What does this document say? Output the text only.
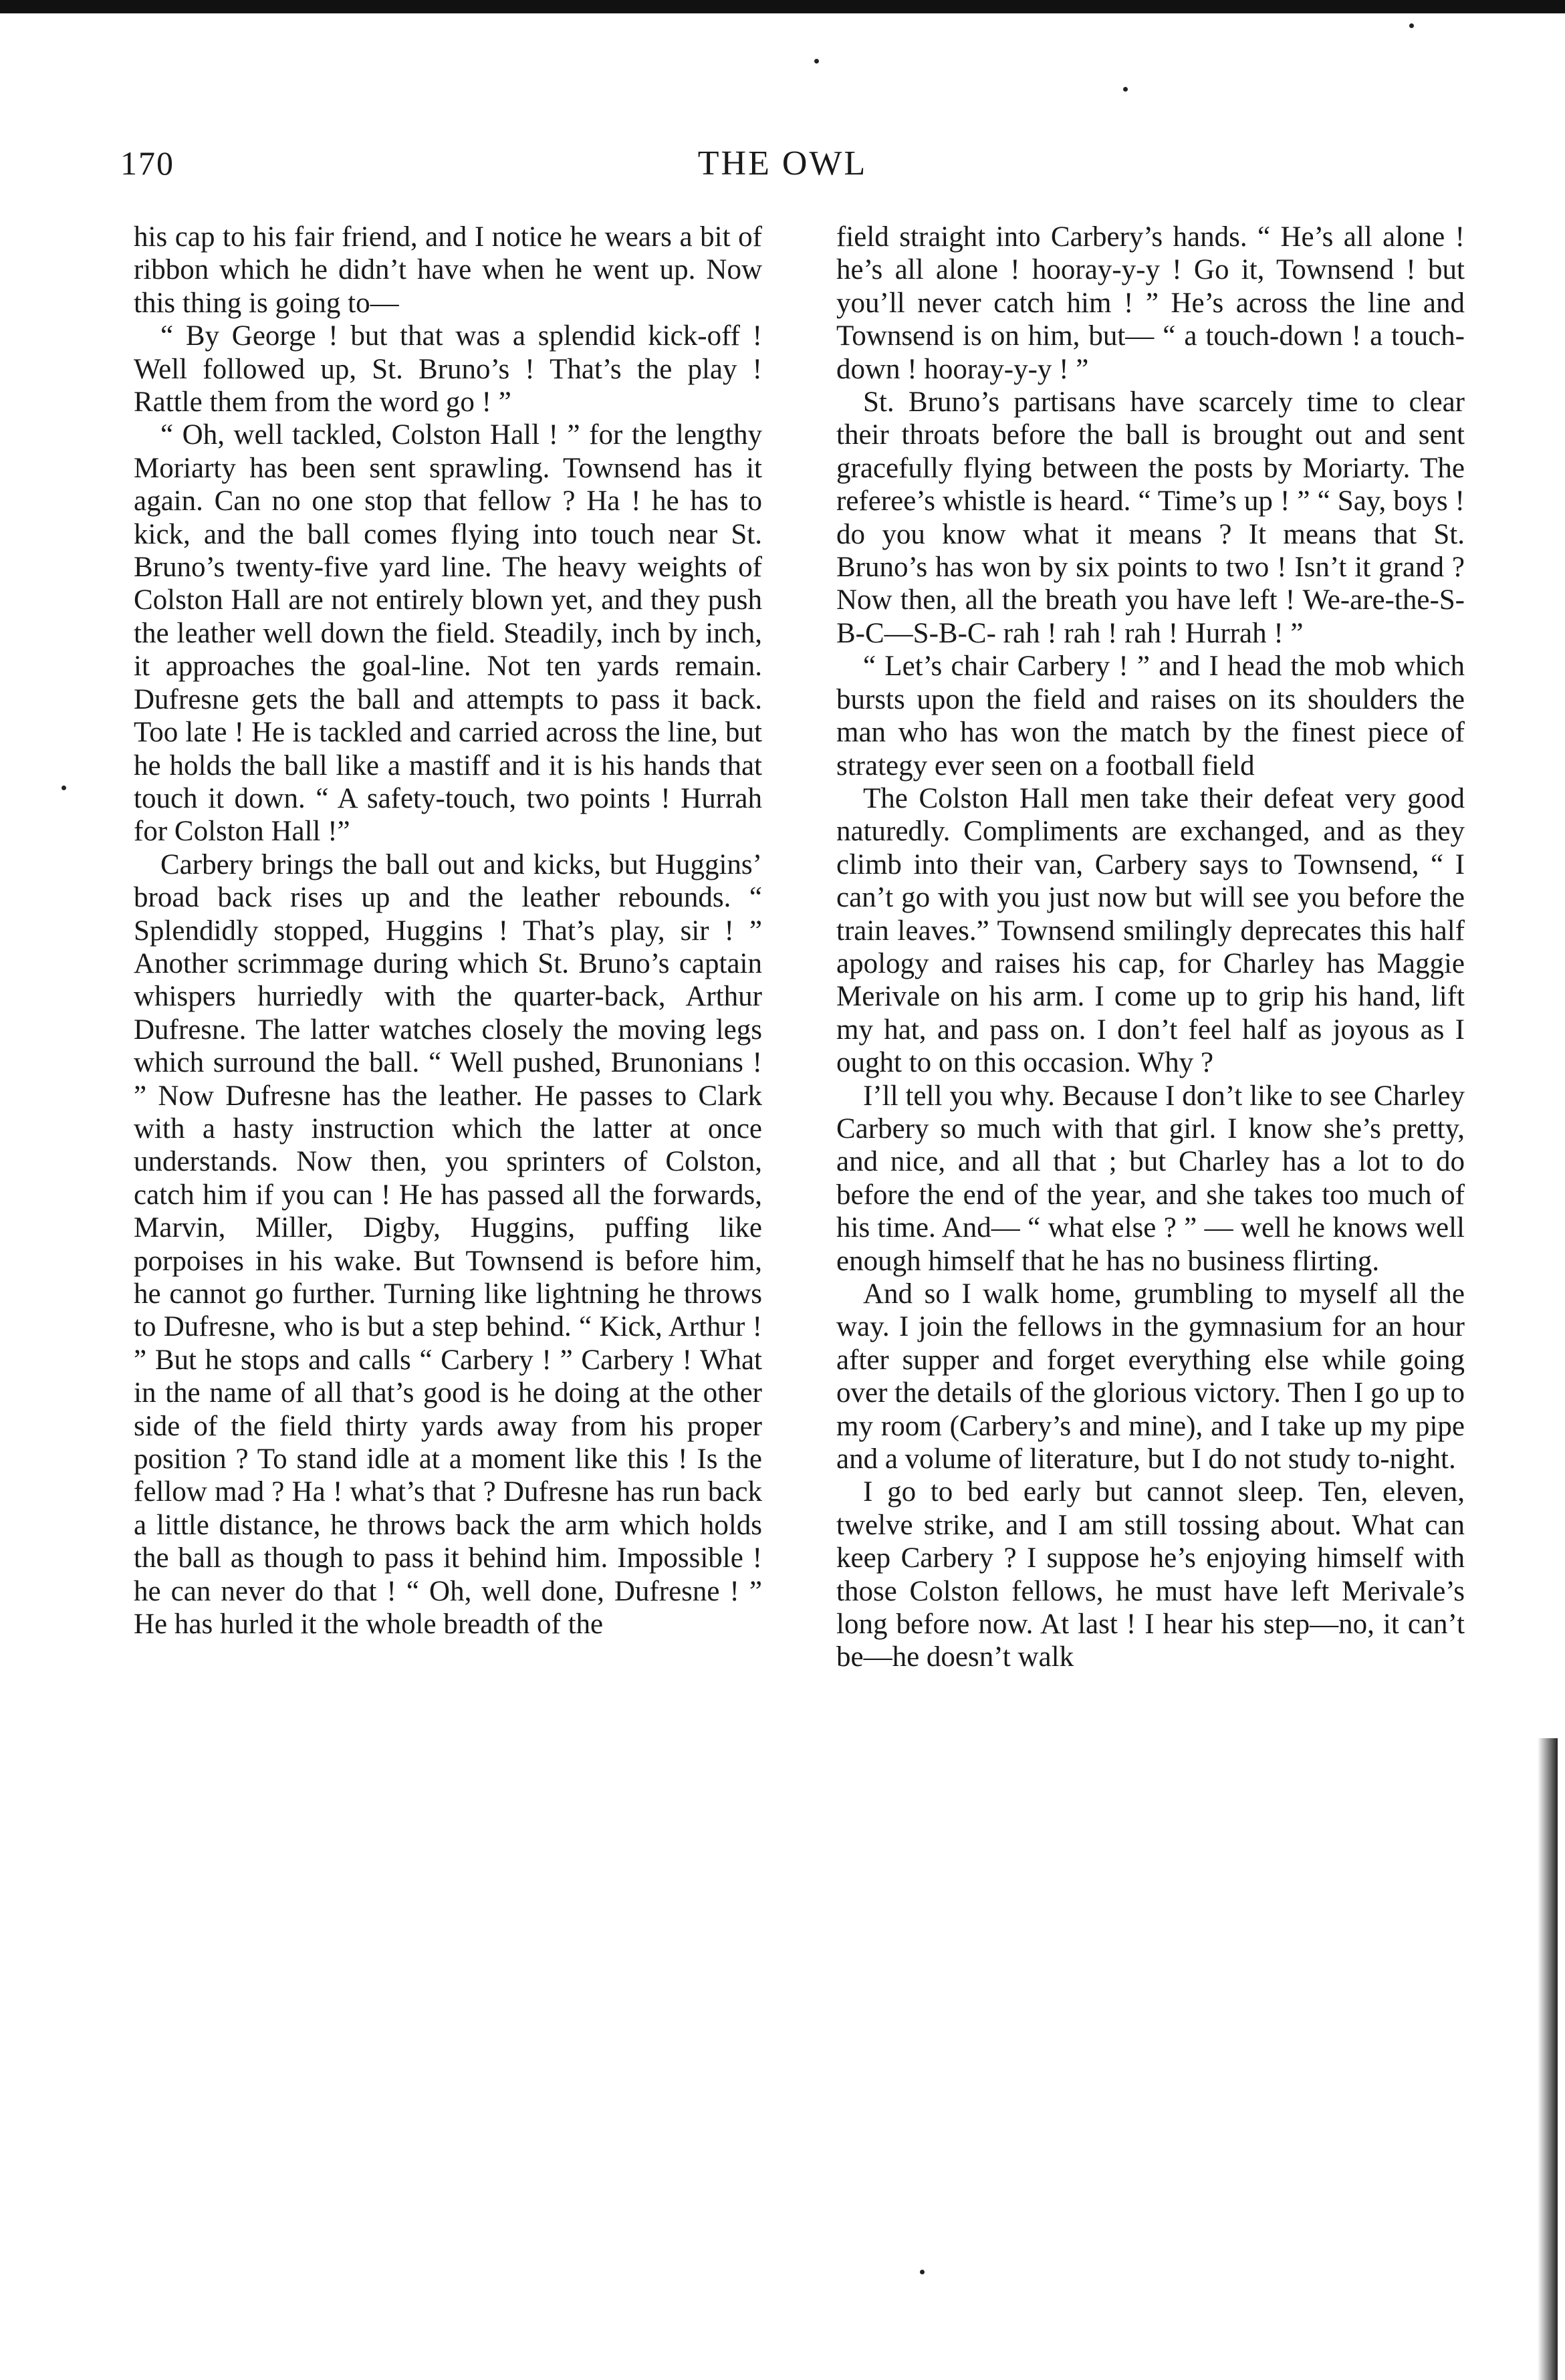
170	THE OWL

his cap to his fair friend, and I notice he wears a bit of ribbon which he didn’t have when he went up. Now this thing is going to—

“ By George ! but that was a splendid kick-off ! Well followed up, St. Bruno’s ! That’s the play ! Rattle them from the word go ! ”

“ Oh, well tackled, Colston Hall ! ” for the lengthy Moriarty has been sent sprawling. Townsend has it again. Can no one stop that fellow ? Ha ! he has to kick, and the ball comes flying into touch near St. Bruno’s twenty-five yard line. The heavy weights of Colston Hall are not entirely blown yet, and they push the leather well down the field. Steadily, inch by inch, it approaches the goal-line. Not ten yards remain. Dufresne gets the ball and attempts to pass it back. Too late ! He is tackled and carried across the line, but he holds the ball like a mastiff and it is his hands that touch it down. “ A safety-touch, two points ! Hurrah for Colston Hall !”

Carbery brings the ball out and kicks, but Huggins’ broad back rises up and the leather rebounds. “ Splendidly stopped, Huggins ! That’s play, sir ! ” Another scrimmage during which St. Bruno’s captain whispers hurriedly with the quarter-back, Arthur Dufresne. The latter watches closely the moving legs which surround the ball. “ Well pushed, Brunonians ! ” Now Dufresne has the leather. He passes to Clark with a hasty instruction which the latter at once understands. Now then, you sprinters of Colston, catch him if you can ! He has passed all the forwards, Marvin, Miller, Digby, Huggins, puffing like porpoises in his wake. But Townsend is before him, he cannot go further. Turning like lightning he throws to Dufresne, who is but a step behind. “ Kick, Arthur ! ” But he stops and calls “ Carbery ! ” Carbery ! What in the name of all that’s good is he doing at the other side of the field thirty yards away from his proper position ? To stand idle at a moment like this ! Is the fellow mad ? Ha ! what’s that ? Dufresne has run back a little distance, he throws back the arm which holds the ball as though to pass it behind him. Impossible ! he can never do that ! “ Oh, well done, Dufresne ! ” He has hurled it the whole breadth of the

field straight into Carbery’s hands. “ He’s all alone ! he’s all alone ! hooray-y-y ! Go it, Townsend ! but you’ll never catch him ! ” He’s across the line and Townsend is on him, but— “ a touch-down ! a touch-down ! hooray-y-y ! ”

St. Bruno’s partisans have scarcely time to clear their throats before the ball is brought out and sent gracefully flying between the posts by Moriarty. The referee’s whistle is heard. “ Time’s up ! ” “ Say, boys ! do you know what it means ? It means that St. Bruno’s has won by six points to two ! Isn’t it grand ? Now then, all the breath you have left ! We-are-the-S-B-C—S-B-C- rah ! rah ! rah ! Hurrah ! ”

“ Let’s chair Carbery ! ” and I head the mob which bursts upon the field and raises on its shoulders the man who has won the match by the finest piece of strategy ever seen on a football field

The Colston Hall men take their defeat very good naturedly. Compliments are exchanged, and as they climb into their van, Carbery says to Townsend, “ I can’t go with you just now but will see you before the train leaves.” Townsend smilingly deprecates this half apology and raises his cap, for Charley has Maggie Merivale on his arm. I come up to grip his hand, lift my hat, and pass on. I don’t feel half as joyous as I ought to on this occasion. Why ?

I’ll tell you why. Because I don’t like to see Charley Carbery so much with that girl. I know she’s pretty, and nice, and all that ; but Charley has a lot to do before the end of the year, and she takes too much of his time. And— “ what else ? ” — well he knows well enough himself that he has no business flirting.

And so I walk home, grumbling to myself all the way. I join the fellows in the gymnasium for an hour after supper and forget everything else while going over the details of the glorious victory. Then I go up to my room (Carbery’s and mine), and I take up my pipe and a volume of literature, but I do not study to-night.

I go to bed early but cannot sleep. Ten, eleven, twelve strike, and I am still tossing about. What can keep Carbery ? I suppose he’s enjoying himself with those Colston fellows, he must have left Merivale’s long before now. At last ! I hear his step—no, it can’t be—he doesn’t walk
